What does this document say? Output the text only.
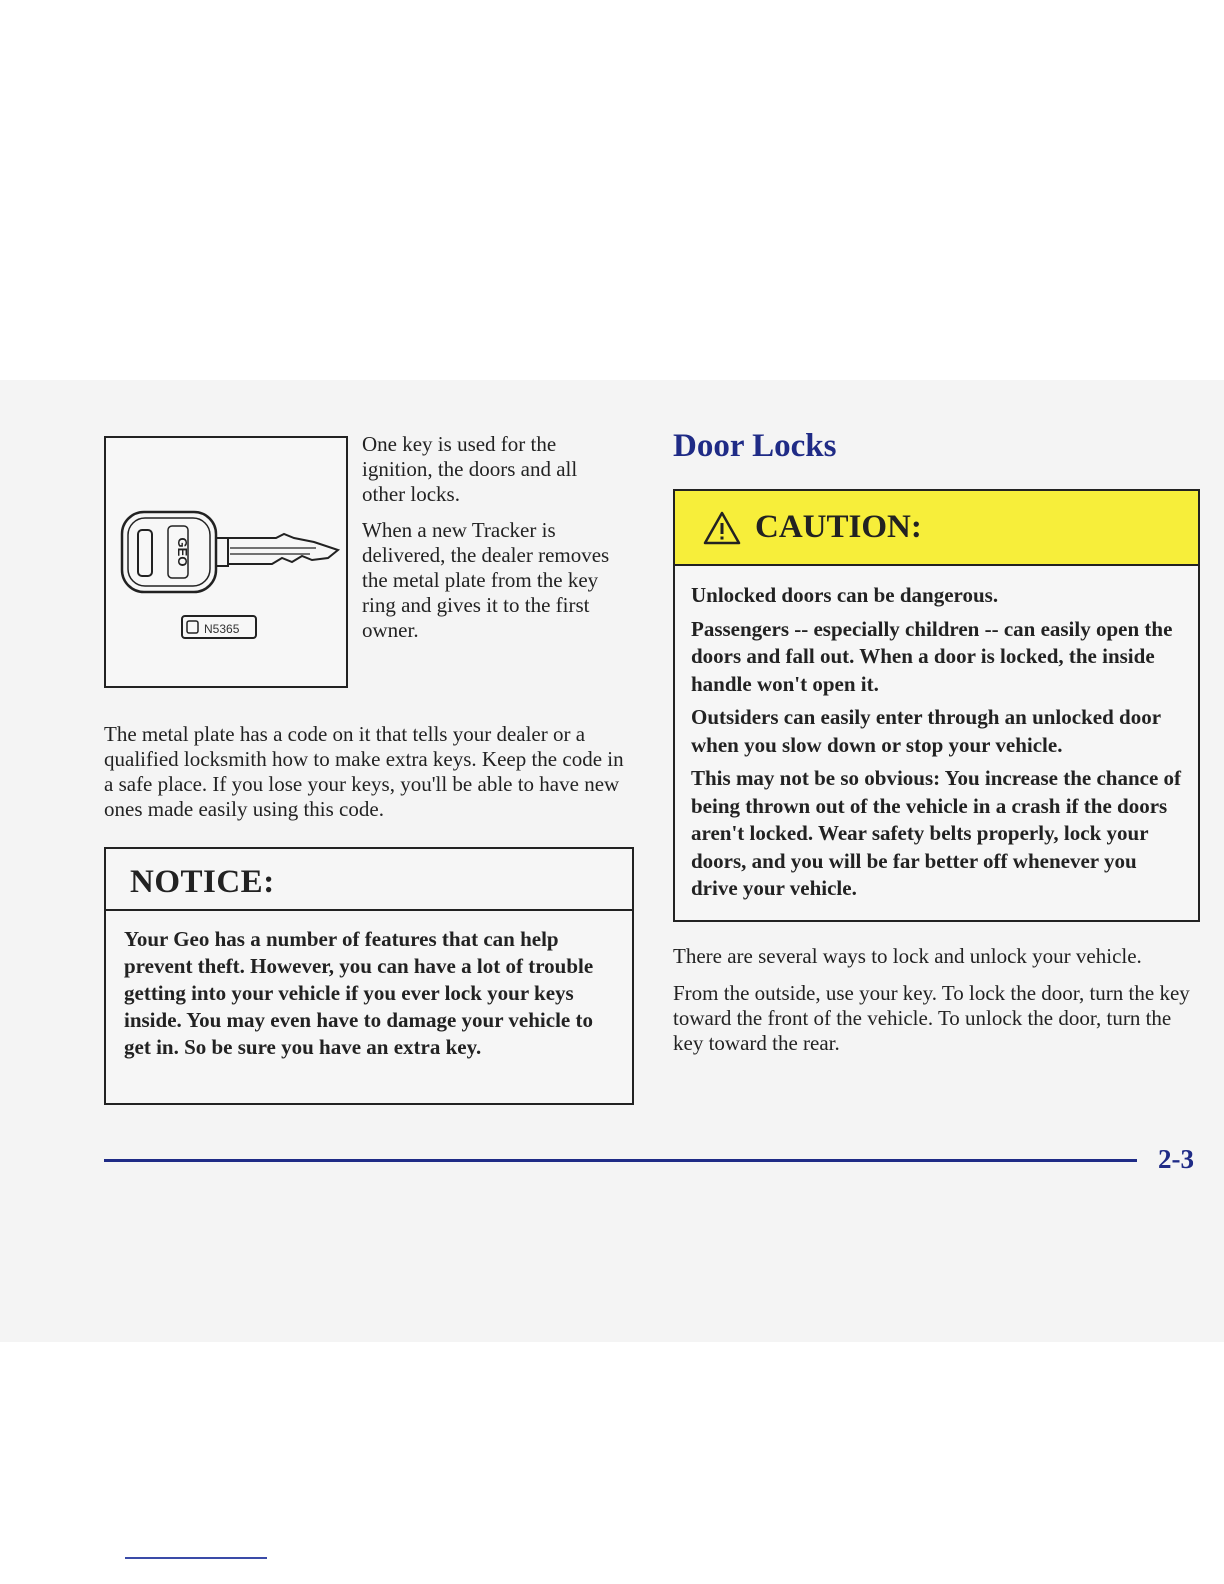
GEO
N5365

One key is used for the ignition, the doors and all other locks.

When a new Tracker is delivered, the dealer removes the metal plate from the key ring and gives it to the first owner.

The metal plate has a code on it that tells your dealer or a qualified locksmith how to make extra keys. Keep the code in a safe place. If you lose your keys, you'll be able to have new ones made easily using this code.

NOTICE:
Your Geo has a number of features that can help prevent theft. However, you can have a lot of trouble getting into your vehicle if you ever lock your keys inside. You may even have to damage your vehicle to get in. So be sure you have an extra key.
Door Locks
CAUTION:

Unlocked doors can be dangerous.

Passengers -- especially children -- can easily open the doors and fall out. When a door is locked, the inside handle won't open it.

Outsiders can easily enter through an unlocked door when you slow down or stop your vehicle.

This may not be so obvious: You increase the chance of being thrown out of the vehicle in a crash if the doors aren't locked. Wear safety belts properly, lock your doors, and you will be far better off whenever you drive your vehicle.

There are several ways to lock and unlock your vehicle.

From the outside, use your key. To lock the door, turn the key toward the front of the vehicle. To unlock the door, turn the key toward the rear.

2-3
